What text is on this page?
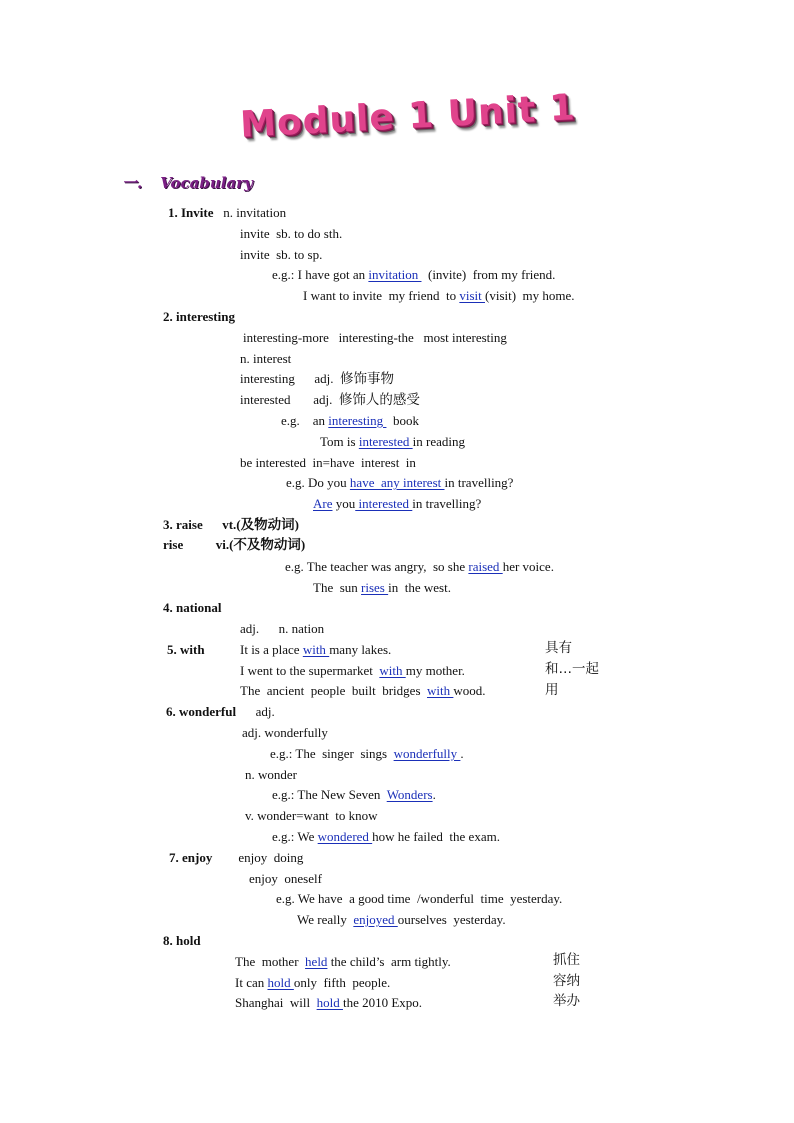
Module 1 Unit 1
一. Vocabulary
1. Invite   n. invitation
invite  sb. to do sth.
invite  sb. to sp.
e.g.: I have got an invitation   (invite)  from my friend.
I want to invite  my friend  to visit (visit)  my home.
2. interesting
interesting-more   interesting-the   most interesting
n. interest
interesting      adj.  修饰事物
interested       adj.  修饰人的感受
e.g.    an interesting   book
Tom is interested in reading
be interested  in=have  interest  in
e.g. Do you have  any interest in travelling?
Are you interested in travelling?
3. raise      vt.(及物动词)
rise          vi.(不及物动词)
e.g. The teacher was angry,  so she raised her voice.
The  sun rises in  the west.
4. national
adj.      n. nation
5. with	It is a place with many lakes.
I went to the supermarket  with my mother.
The  ancient  people  built  bridges  with wood.
具有
和…一起
用
6. wonderful      adj.
adj. wonderfully
e.g.: The  singer  sings  wonderfully .
n. wonder
e.g.: The New Seven  Wonders.
v. wonder=want  to know
e.g.: We wondered how he failed  the exam.
7. enjoy        enjoy  doing
enjoy  oneself
e.g. We have  a good time  /wonderful  time  yesterday.
We really  enjoyed ourselves  yesterday.
8. hold
The  mother  held the child’s  arm tightly.
It can hold only  fifth  people.
Shanghai  will  hold the 2010 Expo.
抓住
容纳
举办
